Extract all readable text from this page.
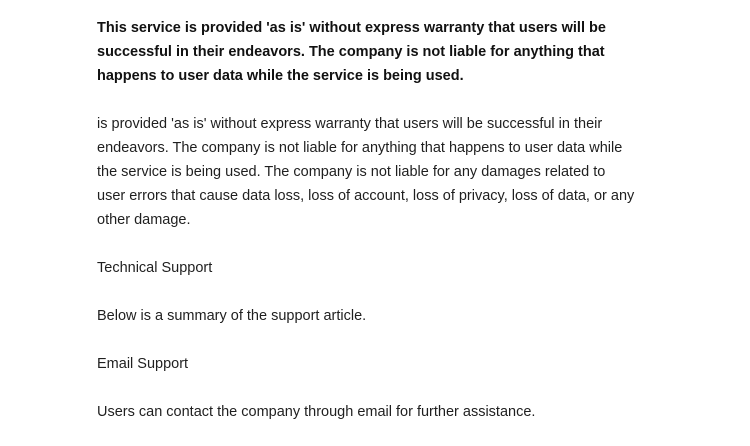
This service is provided 'as is' without express warranty that users will be
successful in their endeavors. The company is not liable for anything that
happens to user data while the service is being used.

is provided 'as is' without express warranty that users will be successful in their
endeavors. The company is not liable for anything that happens to user data while
the service is being used. The company is not liable for any damages related to
user errors that cause data loss, loss of account, loss of privacy, loss of data, or any
other damage.

Technical Support

Below is a summary of the support article.

Email Support

Users can contact the company through email for further assistance.
